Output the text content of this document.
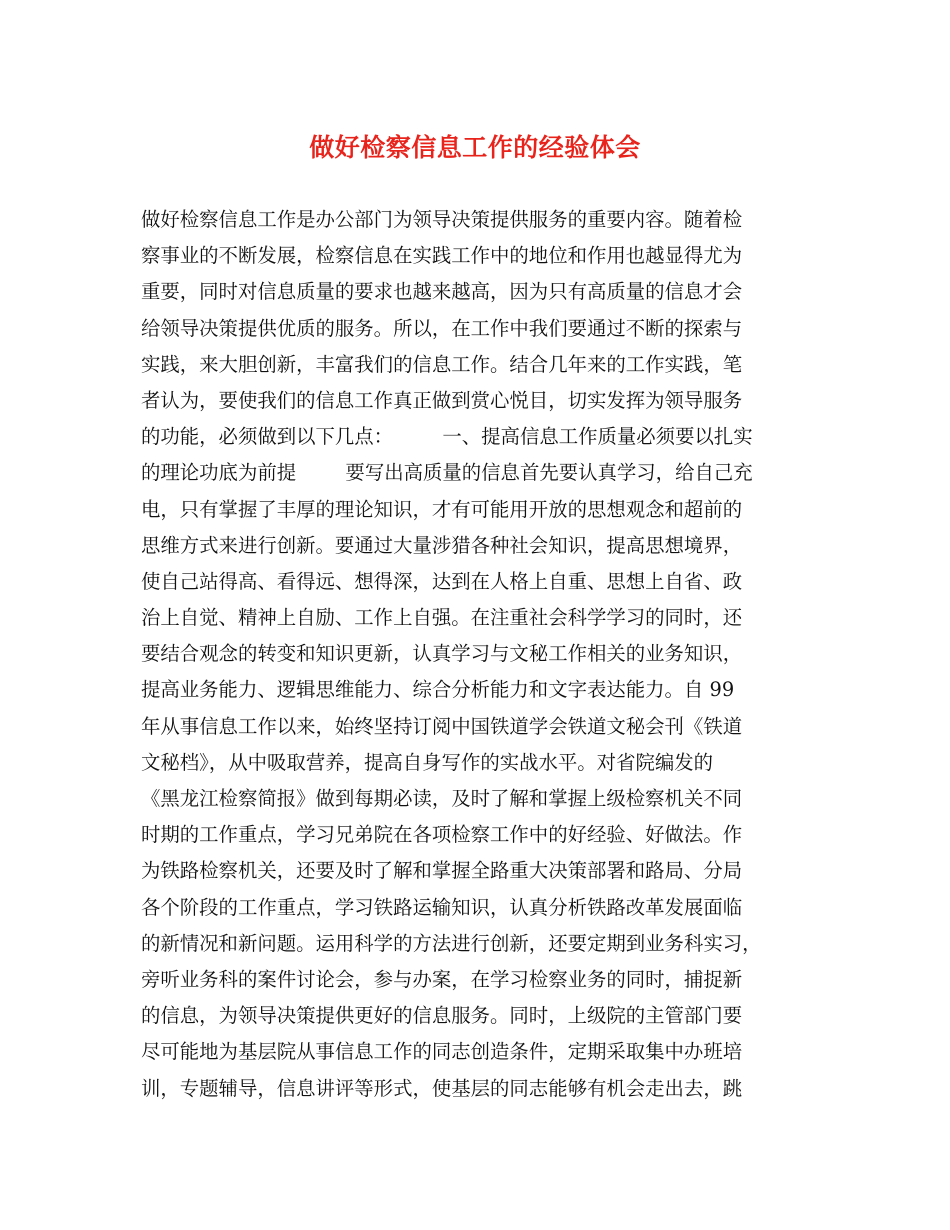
做好检察信息工作的经验体会
做好检察信息工作是办公部门为领导决策提供服务的重要内容。随着检
察事业的不断发展，检察信息在实践工作中的地位和作用也越显得尤为
重要，同时对信息质量的要求也越来越高，因为只有高质量的信息才会
给领导决策提供优质的服务。所以，在工作中我们要通过不断的探索与
实践，来大胆创新，丰富我们的信息工作。结合几年来的工作实践，笔
者认为，要使我们的信息工作真正做到赏心悦目，切实发挥为领导服务
的功能，必须做到以下几点：        一、提高信息工作质量必须要以扎实
的理论功底为前提        要写出高质量的信息首先要认真学习，给自己充
电，只有掌握了丰厚的理论知识，才有可能用开放的思想观念和超前的
思维方式来进行创新。要通过大量涉猎各种社会知识，提高思想境界，
使自己站得高、看得远、想得深，达到在人格上自重、思想上自省、政
治上自觉、精神上自励、工作上自强。在注重社会科学学习的同时，还
要结合观念的转变和知识更新，认真学习与文秘工作相关的业务知识，
提高业务能力、逻辑思维能力、综合分析能力和文字表达能力。自 99
年从事信息工作以来，始终坚持订阅中国铁道学会铁道文秘会刊《铁道
文秘档》，从中吸取营养，提高自身写作的实战水平。对省院编发的
《黑龙江检察简报》做到每期必读，及时了解和掌握上级检察机关不同
时期的工作重点，学习兄弟院在各项检察工作中的好经验、好做法。作
为铁路检察机关，还要及时了解和掌握全路重大决策部署和路局、分局
各个阶段的工作重点，学习铁路运输知识，认真分析铁路改革发展面临
的新情况和新问题。运用科学的方法进行创新，还要定期到业务科实习，
旁听业务科的案件讨论会，参与办案，在学习检察业务的同时，捕捉新
的信息，为领导决策提供更好的信息服务。同时，上级院的主管部门要
尽可能地为基层院从事信息工作的同志创造条件，定期采取集中办班培
训，专题辅导，信息讲评等形式，使基层的同志能够有机会走出去，跳
